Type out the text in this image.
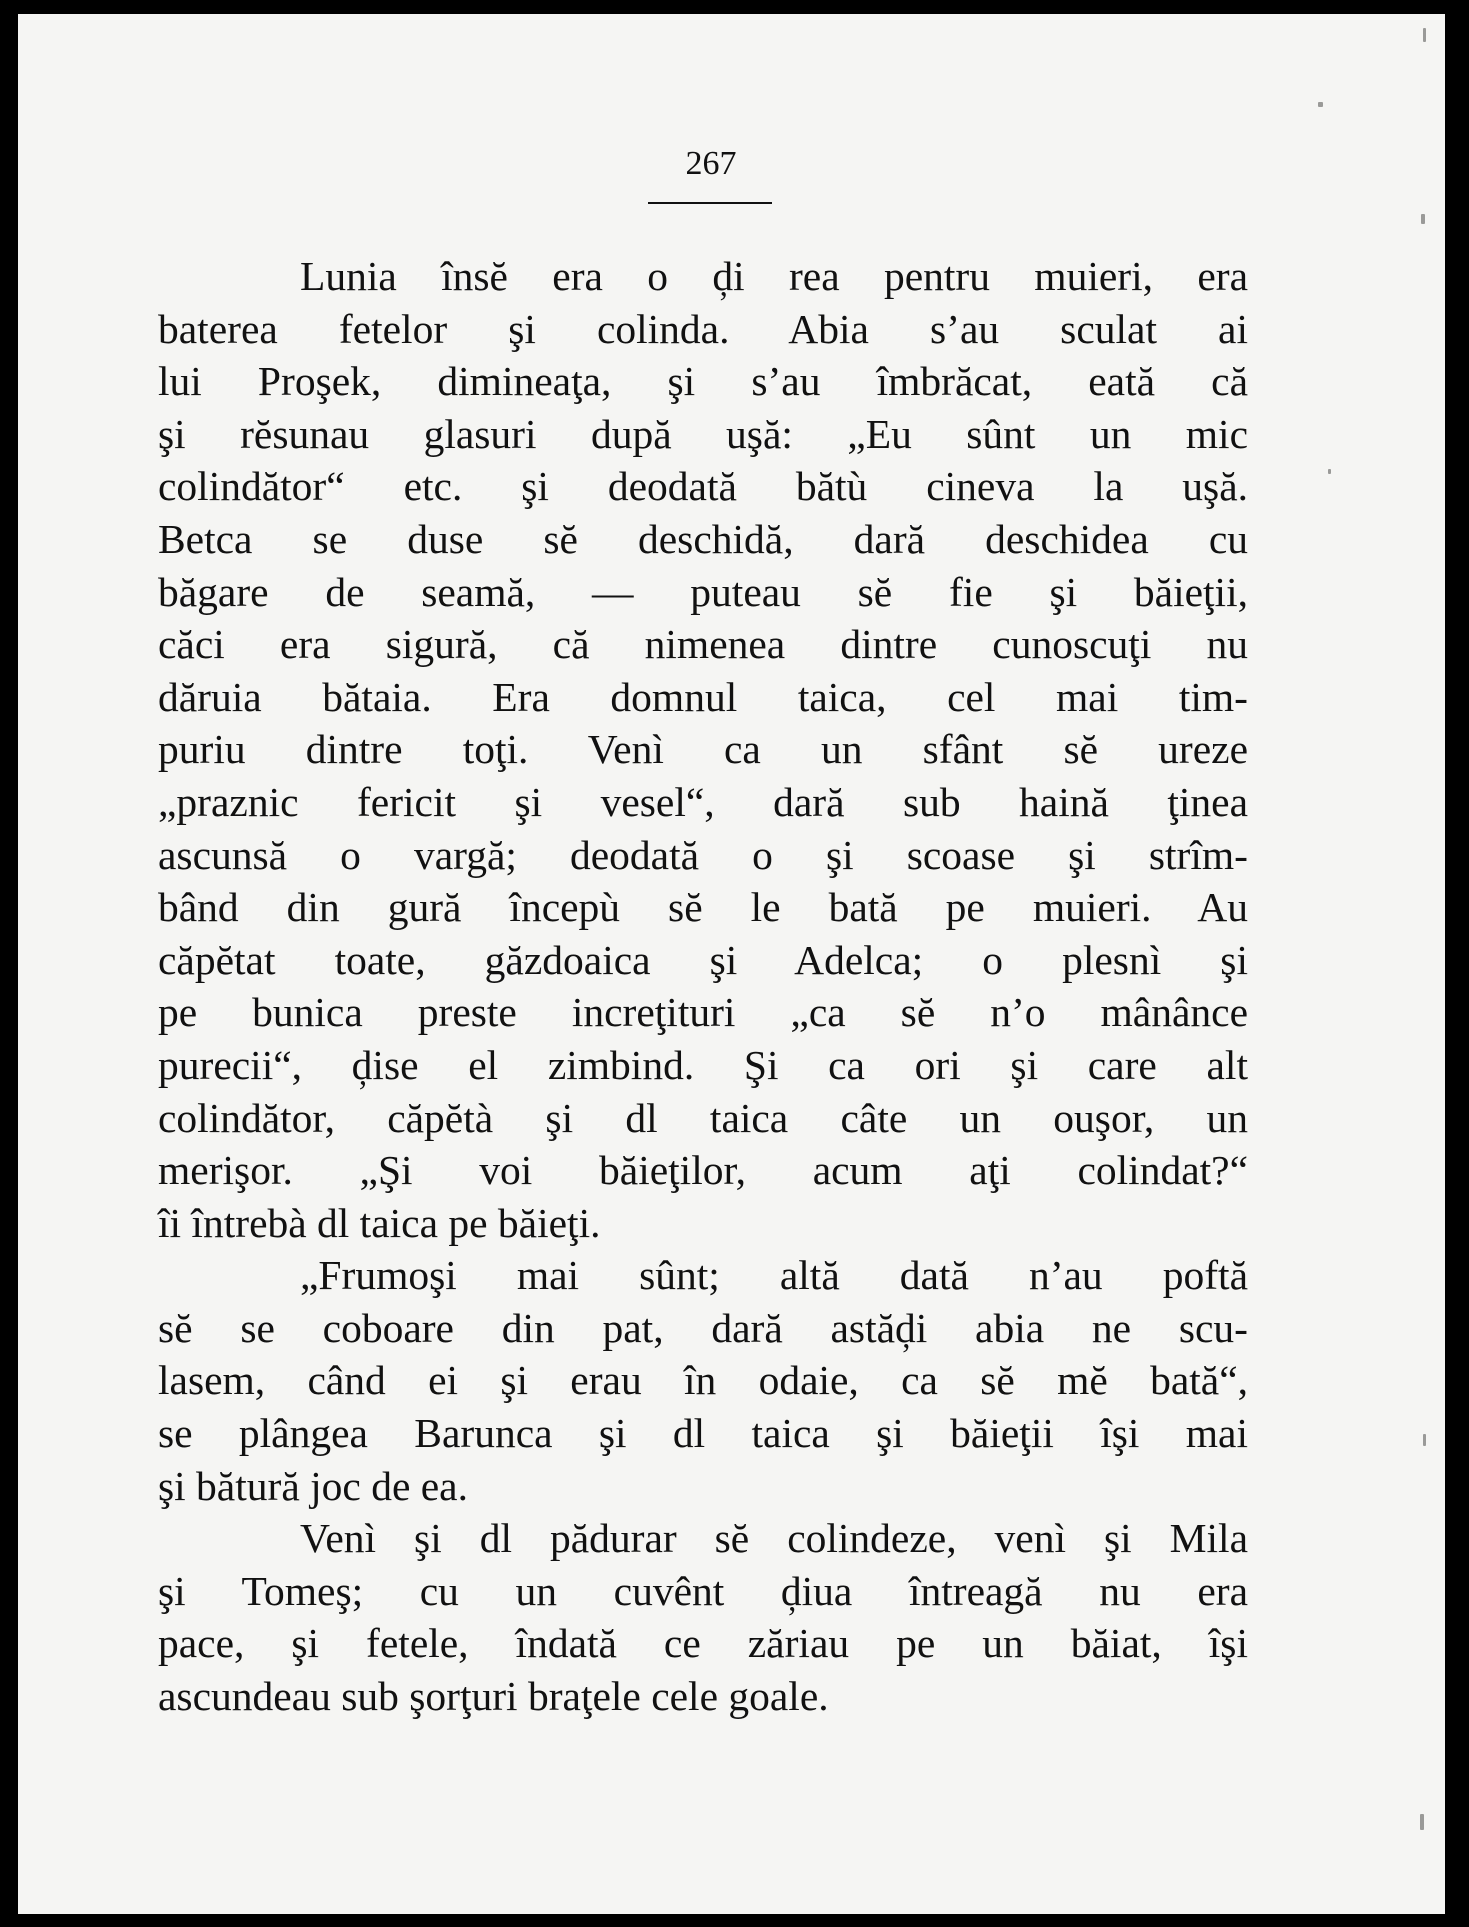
267
Lunia însĕ era o ḑi rea pentru muieri, era
baterea fetelor şi colinda. Abia s’au sculat ai
lui Proşek, dimineaţa, şi s’au îmbrăcat, eată că
şi rĕsunau glasuri după uşă: „Eu sûnt un mic
colindător“ etc. şi deodată bătù cineva la uşă.
Betca se duse sĕ deschidă, dară deschidea cu
băgare de seamă, — puteau sĕ fie şi băieţii,
căci era sigură, că nimenea dintre cunoscuţi nu
dăruia bătaia. Era domnul taica, cel mai tim-
puriu dintre toţi. Venì ca un sfânt sĕ ureze
„praznic fericit şi vesel“, dară sub haină ţinea
ascunsă o vargă; deodată o şi scoase şi strîm-
bând din gură începù sĕ le bată pe muieri. Au
căpĕtat toate, găzdoaica şi Adelca; o plesnì şi
pe bunica preste increţituri „ca sĕ n’o mânânce
purecii“, ḑise el zimbind. Şi ca ori şi care alt
colindător, căpĕtà şi dl taica câte un ouşor, un
merişor. „Şi voi băieţilor, acum aţi colindat?“
îi întrebà dl taica pe băieţi.
„Frumoşi mai sûnt; altă dată n’au poftă
sĕ se coboare din pat, dară astăḑi abia ne scu-
lasem, când ei şi erau în odaie, ca sĕ mĕ bată“,
se plângea Barunca şi dl taica şi băieţii îşi mai
şi bătură joc de ea.
Venì şi dl pădurar sĕ colindeze, venì şi Mila
şi Tomeş; cu un cuvênt ḑiua întreagă nu era
pace, şi fetele, îndată ce zăriau pe un băiat, îşi
ascundeau sub şorţuri braţele cele goale.
